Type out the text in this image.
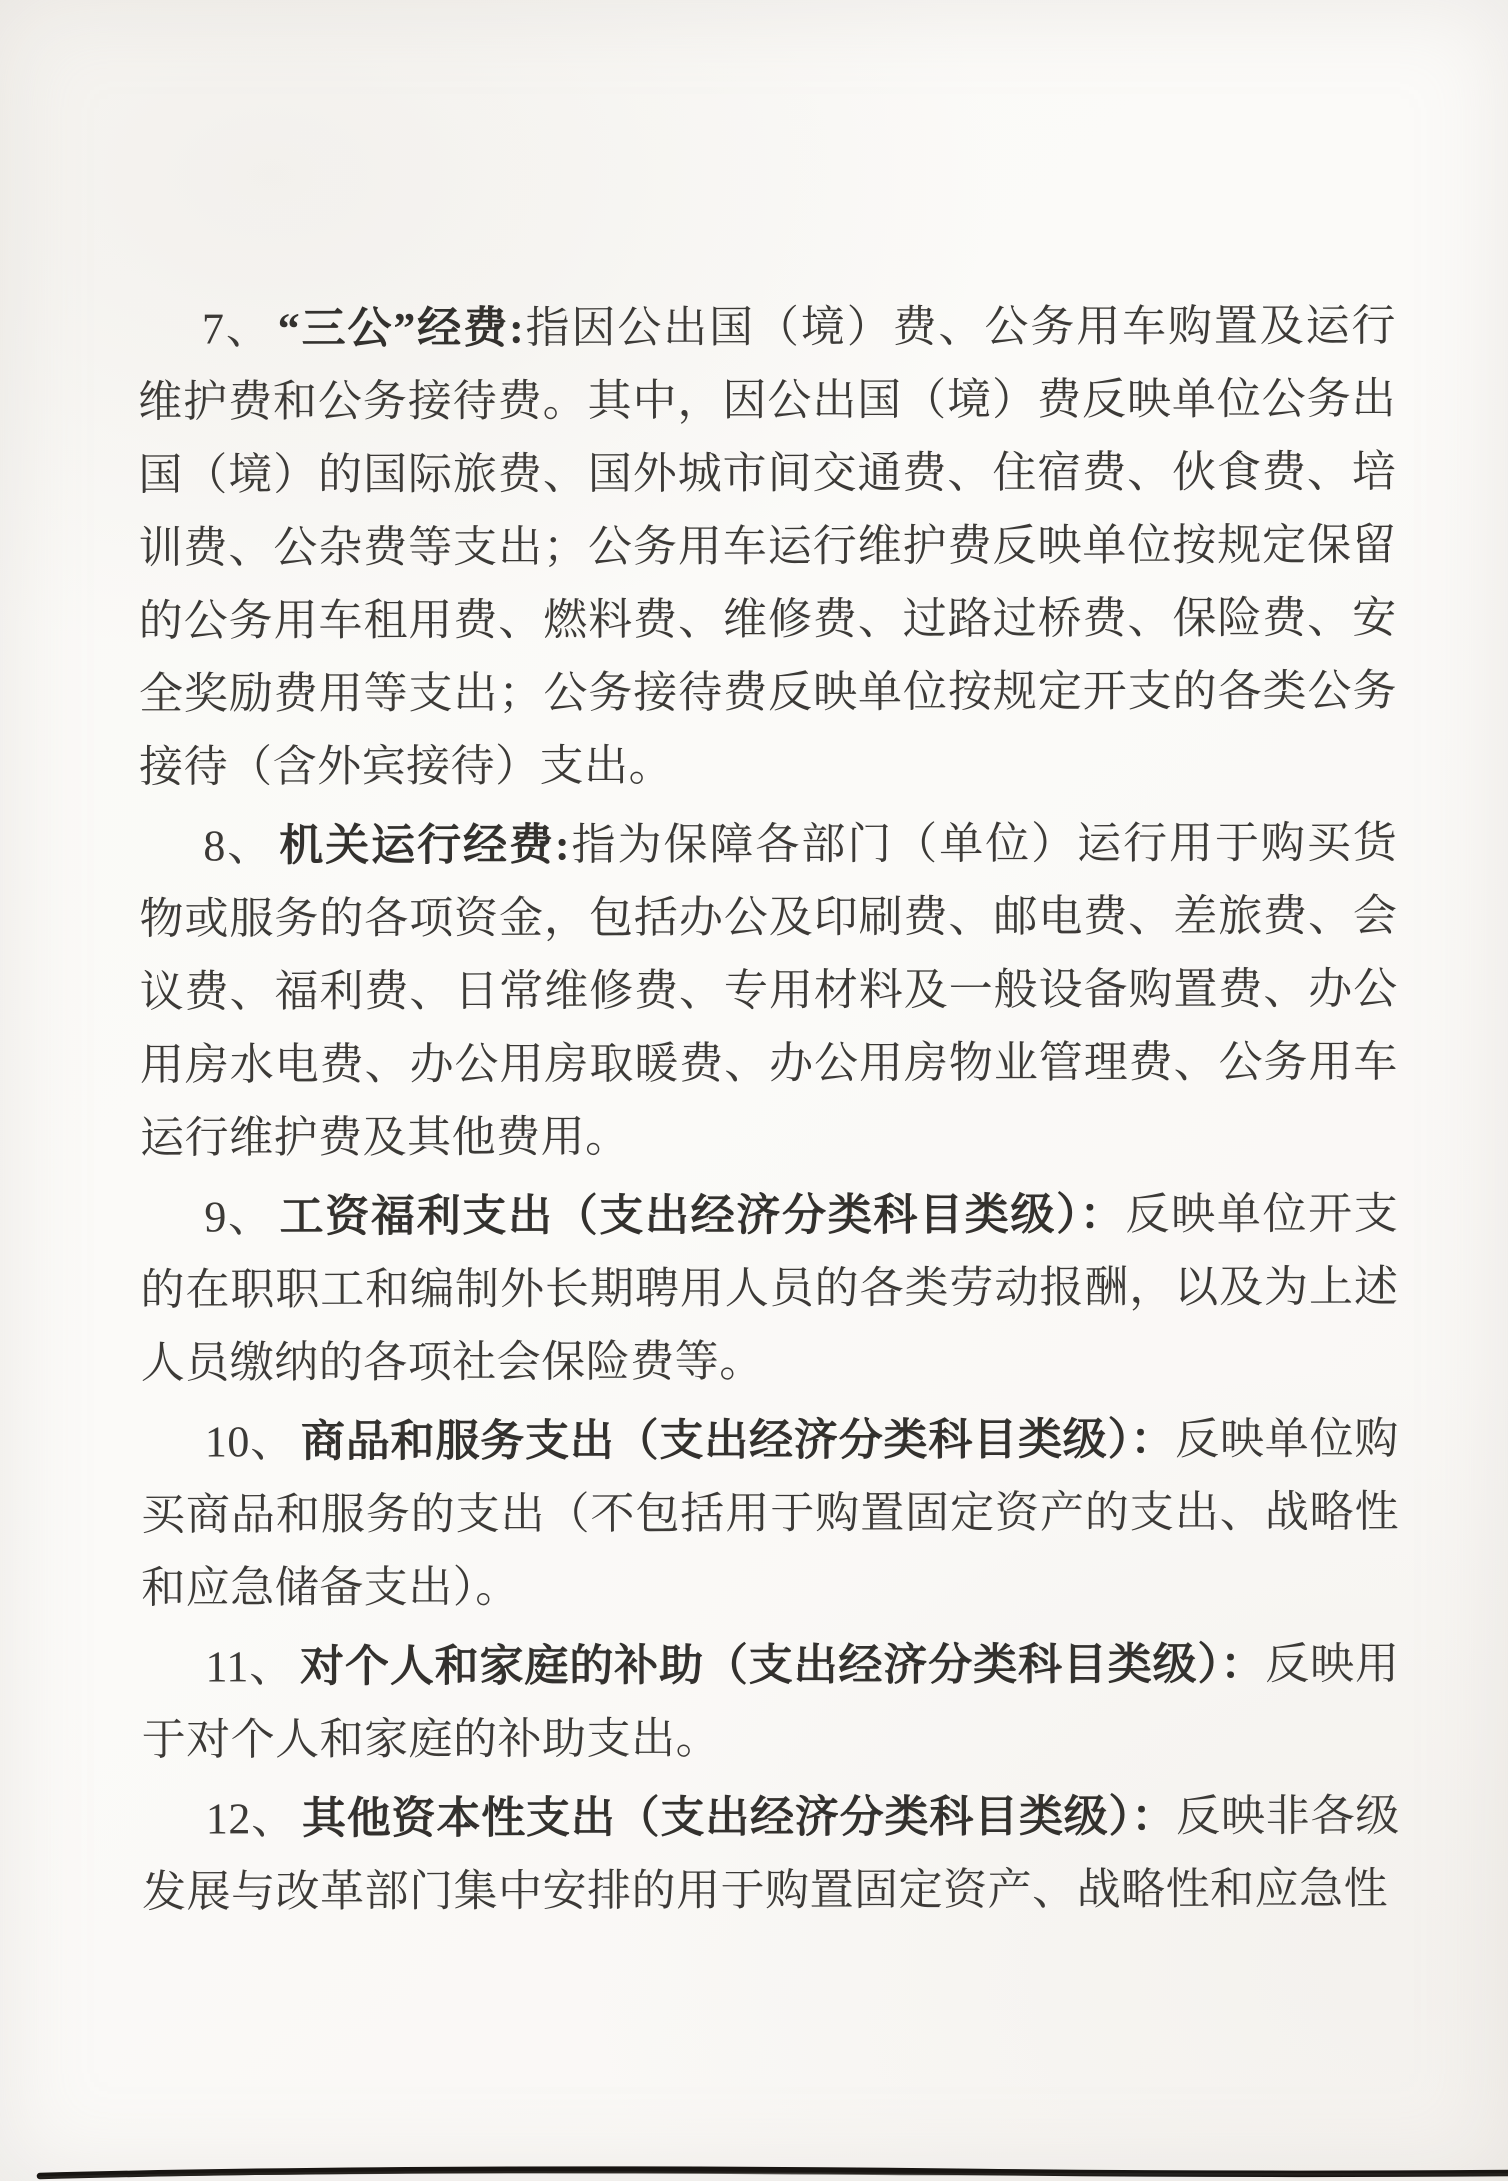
7、 “三公”经费:指因公出国（境）费、公务用车购置及运行维护费和公务接待费。其中，因公出国（境）费反映单位公务出国（境）的国际旅费、国外城市间交通费、住宿费、伙食费、培训费、公杂费等支出；公务用车运行维护费反映单位按规定保留的公务用车租用费、燃料费、维修费、过路过桥费、保险费、安全奖励费用等支出；公务接待费反映单位按规定开支的各类公务接待（含外宾接待）支出。

8、 机关运行经费:指为保障各部门（单位）运行用于购买货物或服务的各项资金，包括办公及印刷费、邮电费、差旅费、会议费、福利费、日常维修费、专用材料及一般设备购置费、办公用房水电费、办公用房取暖费、办公用房物业管理费、公务用车运行维护费及其他费用。

9、 工资福利支出（支出经济分类科目类级）：反映单位开支的在职职工和编制外长期聘用人员的各类劳动报酬，以及为上述人员缴纳的各项社会保险费等。

10、 商品和服务支出（支出经济分类科目类级）：反映单位购买商品和服务的支出（不包括用于购置固定资产的支出、战略性和应急储备支出）。

11、 对个人和家庭的补助（支出经济分类科目类级）：反映用于对个人和家庭的补助支出。

12、 其他资本性支出（支出经济分类科目类级）：反映非各级发展与改革部门集中安排的用于购置固定资产、战略性和应急性
